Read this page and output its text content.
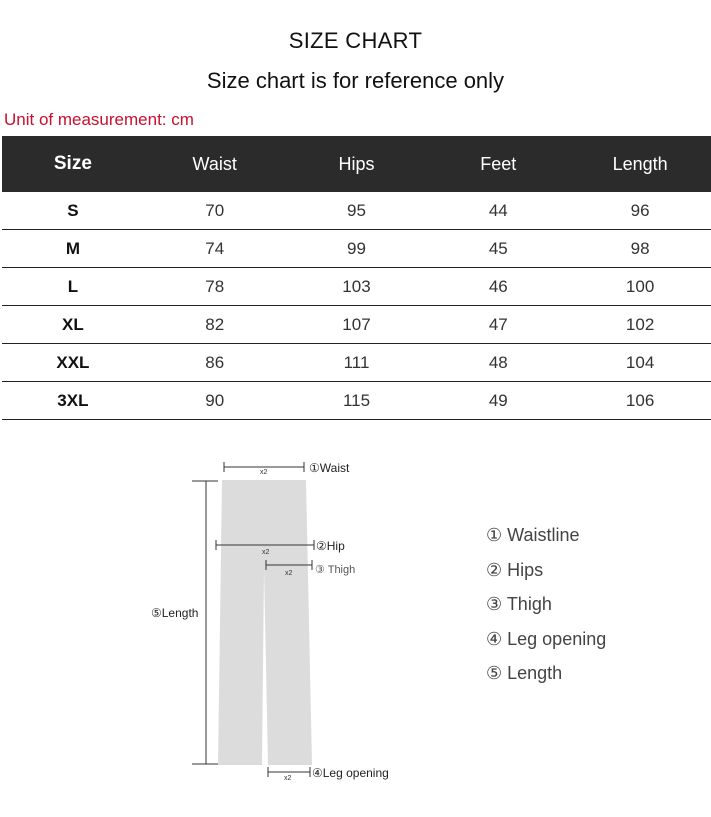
SIZE CHART
Size chart is for reference only
Unit of measurement: cm
Size	Waist	Hips	Feet	Length
S	70	95	44	96
M	74	99	45	98
L	78	103	46	100
XL	82	107	47	102
XXL	86	111	48	104
3XL	90	115	49	106
x2	①Waist
x2	②Hip
x2 ③ Thigh
⑤Length
x2 ④Leg opening
① Waistline
② Hips
③ Thigh
④ Leg opening
⑤ Length
